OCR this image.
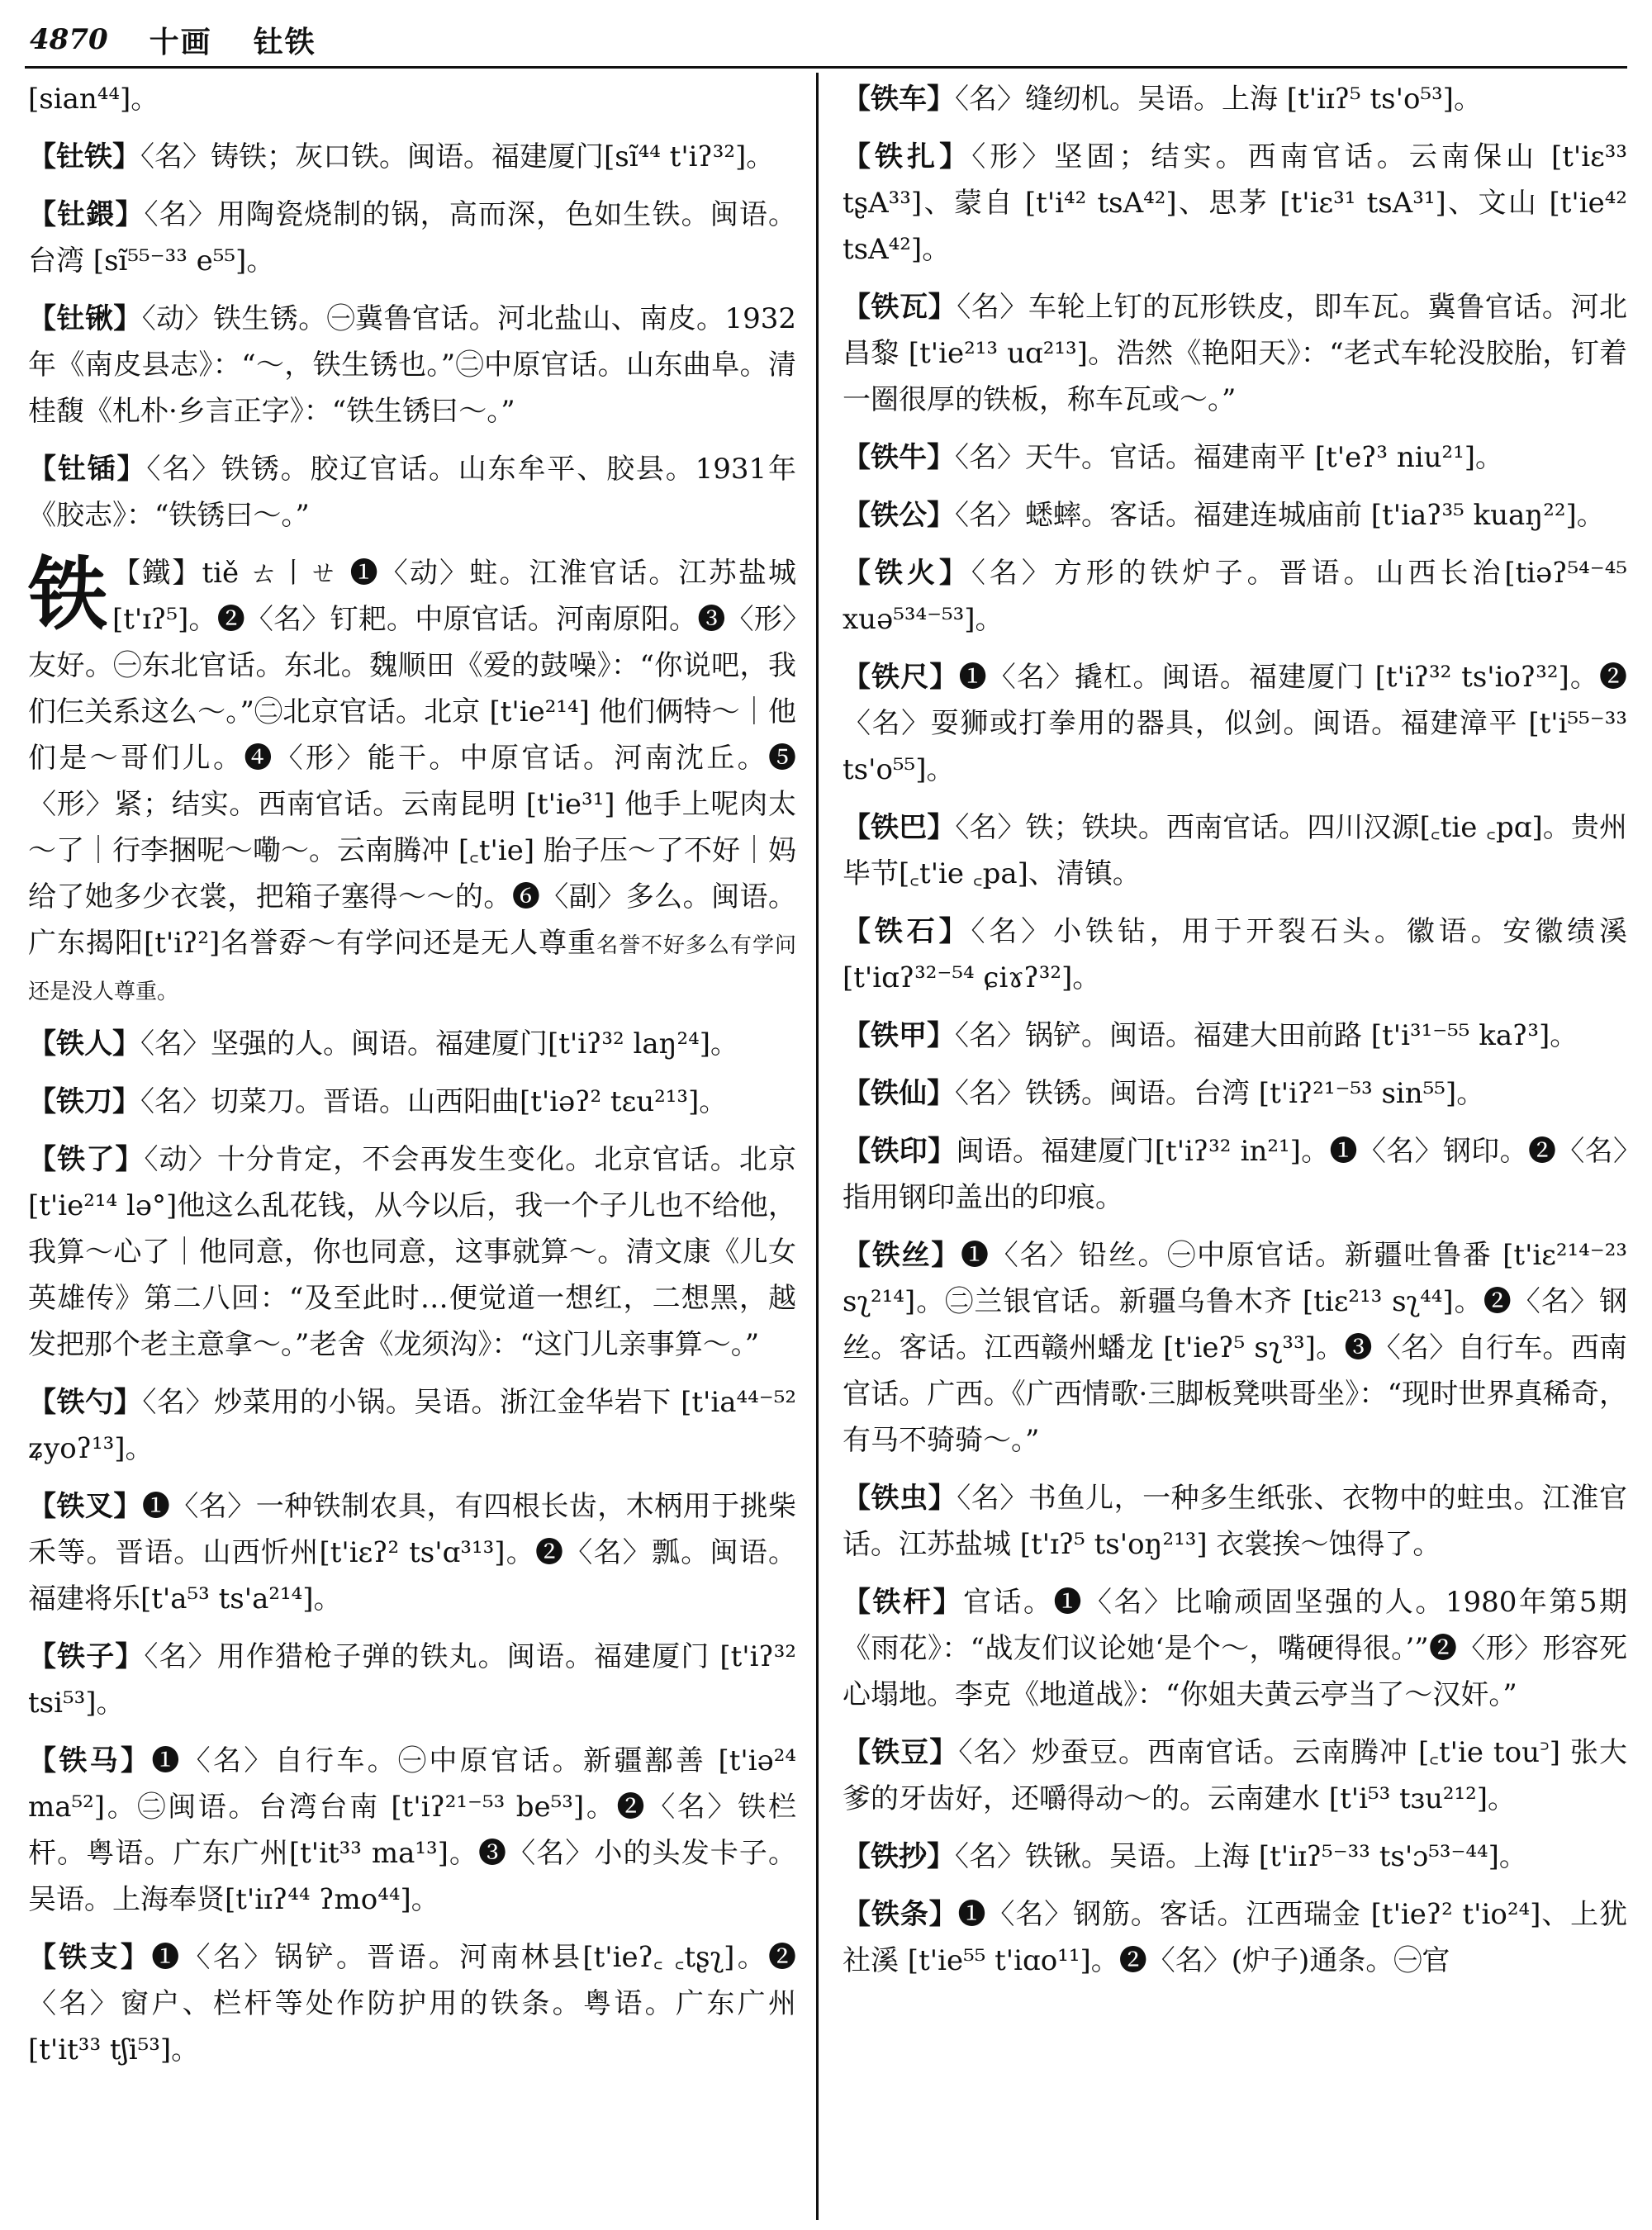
4870 十画 钍铁

[sian⁴⁴]。

【钍铁】〈名〉铸铁；灰口铁。闽语。福建厦门[sĩ⁴⁴ t'iʔ³²]。

【钍鍡】〈名〉用陶瓷烧制的锅，高而深，色如生铁。闽语。台湾 [sĩ⁵⁵⁻³³ e⁵⁵]。

【钍锹】〈动〉铁生锈。㊀冀鲁官话。河北盐山、南皮。1932年《南皮县志》：“～，铁生锈也。”㊁中原官话。山东曲阜。清桂馥《札朴·乡言正字》：“铁生锈曰～。”

【钍锸】〈名〉铁锈。胶辽官话。山东牟平、胶县。1931年《胶志》：“铁锈曰～。”

铁 【鐵】tiě ㄊ丨ㄝ ❶〈动〉蛀。江淮官话。江苏盐城 [t'ɪʔ⁵]。❷〈名〉钉耙。中原官话。河南原阳。❸〈形〉友好。㊀东北官话。东北。魏顺田《爱的鼓噪》：“你说吧，我们仨关系这么～。”㊁北京官话。北京 [t'ie²¹⁴] 他们俩特～｜他们是～哥们儿。❹〈形〉能干。中原官话。河南沈丘。❺〈形〉紧；结实。西南官话。云南昆明 [t'ie³¹] 他手上呢肉太～了｜行李捆呢～嘞～。云南腾冲 [꜀t'ie] 胎子压～了不好｜妈给了她多少衣裳，把箱子塞得～～的。❻〈副〉多么。闽语。广东揭阳[t'iʔ²]名誉孬～有学问还是无人尊重名誉不好多么有学问还是没人尊重。

【铁人】〈名〉坚强的人。闽语。福建厦门[t'iʔ³² laŋ²⁴]。

【铁刀】〈名〉切菜刀。晋语。山西阳曲[t'iəʔ² tɛu²¹³]。

【铁了】〈动〉十分肯定，不会再发生变化。北京官话。北京 [t'ie²¹⁴ lə°]他这么乱花钱，从今以后，我一个子儿也不给他，我算～心了｜他同意，你也同意，这事就算～。清文康《儿女英雄传》第二八回：“及至此时…便觉道一想红，二想黑，越发把那个老主意拿～。”老舍《龙须沟》：“这门儿亲事算～。”

【铁勺】〈名〉炒菜用的小锅。吴语。浙江金华岩下 [t'ia⁴⁴⁻⁵² ʑyoʔ¹³]。

【铁叉】❶〈名〉一种铁制农具，有四根长齿，木柄用于挑柴禾等。晋语。山西忻州[t'iɛʔ² ts'ɑ³¹³]。❷〈名〉瓢。闽语。福建将乐[t'a⁵³ ts'a²¹⁴]。

【铁子】〈名〉用作猎枪子弹的铁丸。闽语。福建厦门 [t'iʔ³² tsi⁵³]。

【铁马】❶〈名〉自行车。㊀中原官话。新疆鄯善 [t'iə²⁴ ma⁵²]。㊁闽语。台湾台南 [t'iʔ²¹⁻⁵³ be⁵³]。❷〈名〉铁栏杆。粤语。广东广州[t'it³³ ma¹³]。❸〈名〉小的头发卡子。吴语。上海奉贤[t'iɪʔ⁴⁴ ʔmo⁴⁴]。

【铁支】❶〈名〉锅铲。晋语。河南林县[t'ieʔ꜀ ꜀tʂʅ]。❷〈名〉窗户、栏杆等处作防护用的铁条。粤语。广东广州 [t'it³³ tʃi⁵³]。

【铁车】〈名〉缝纫机。吴语。上海 [t'iɪʔ⁵ ts'o⁵³]。

【铁扎】〈形〉坚固；结实。西南官话。云南保山 [t'iɛ³³ tʂA³³]、蒙自 [t'i⁴² tsA⁴²]、思茅 [t'iɛ³¹ tsA³¹]、文山 [t'ie⁴² tsA⁴²]。

【铁瓦】〈名〉车轮上钉的瓦形铁皮，即车瓦。冀鲁官话。河北昌黎 [t'ie²¹³ uɑ²¹³]。浩然《艳阳天》：“老式车轮没胶胎，钉着一圈很厚的铁板，称车瓦或～。”

【铁牛】〈名〉天牛。官话。福建南平 [t'eʔ³ niu²¹]。

【铁公】〈名〉蟋蟀。客话。福建连城庙前 [t'iaʔ³⁵ kuaŋ²²]。

【铁火】〈名〉方形的铁炉子。晋语。山西长治[tiəʔ⁵⁴⁻⁴⁵ xuə⁵³⁴⁻⁵³]。

【铁尺】❶〈名〉撬杠。闽语。福建厦门 [t'iʔ³² ts'ioʔ³²]。❷〈名〉耍狮或打拳用的器具，似剑。闽语。福建漳平 [t'i⁵⁵⁻³³ ts'o⁵⁵]。

【铁巴】〈名〉铁；铁块。西南官话。四川汉源[꜀tie ꜀pɑ]。贵州毕节[꜀t'ie ꜀pa]、清镇。

【铁石】〈名〉小铁钻，用于开裂石头。徽语。安徽绩溪 [t'iɑʔ³²⁻⁵⁴ ɕiɤʔ³²]。

【铁甲】〈名〉锅铲。闽语。福建大田前路 [t'i³¹⁻⁵⁵ kaʔ³]。

【铁仙】〈名〉铁锈。闽语。台湾 [t'iʔ²¹⁻⁵³ sin⁵⁵]。

【铁印】闽语。福建厦门[t'iʔ³² in²¹]。❶〈名〉钢印。❷〈名〉指用钢印盖出的印痕。

【铁丝】❶〈名〉铅丝。㊀中原官话。新疆吐鲁番 [t'iɛ²¹⁴⁻²³ sʅ²¹⁴]。㊁兰银官话。新疆乌鲁木齐 [tiɛ²¹³ sʅ⁴⁴]。❷〈名〉钢丝。客话。江西赣州蟠龙 [t'ieʔ⁵ sʅ³³]。❸〈名〉自行车。西南官话。广西。《广西情歌·三脚板凳哄哥坐》：“现时世界真稀奇，有马不骑骑～。”

【铁虫】〈名〉书鱼儿，一种多生纸张、衣物中的蛀虫。江淮官话。江苏盐城 [t'ɪʔ⁵ ts'oŋ²¹³] 衣裳挨～蚀得了。

【铁杆】官话。❶〈名〉比喻顽固坚强的人。1980年第5期《雨花》：“战友们议论她‘是个～，嘴硬得很。’”❷〈形〉形容死心塌地。李克《地道战》：“你姐夫黄云亭当了～汉奸。”

【铁豆】〈名〉炒蚕豆。西南官话。云南腾冲 [꜀t'ie tou꜄] 张大爹的牙齿好，还嚼得动～的。云南建水 [t'i⁵³ tɜu²¹²]。

【铁抄】〈名〉铁锹。吴语。上海 [t'iɪʔ⁵⁻³³ ts'ɔ⁵³⁻⁴⁴]。

【铁条】❶〈名〉钢筋。客话。江西瑞金 [t'ieʔ² t'io²⁴]、上犹社溪 [t'ie⁵⁵ t'iɑo¹¹]。❷〈名〉(炉子)通条。㊀官
